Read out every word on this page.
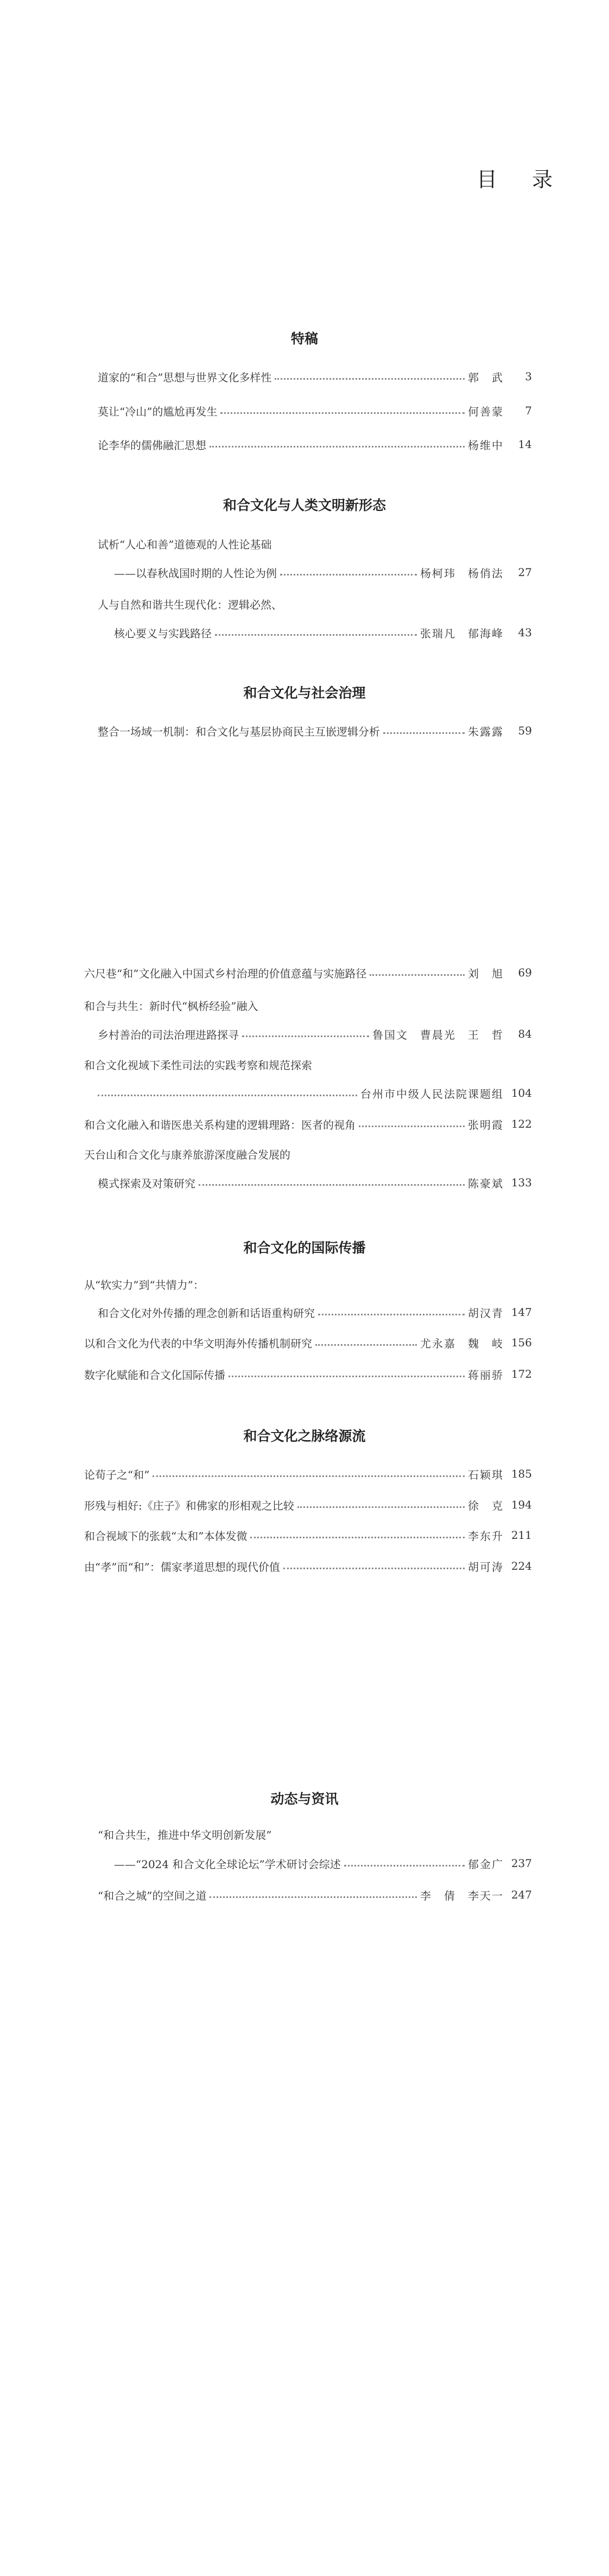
目 录
特稿
道家的“和合”思想与世界文化多样性	郭　武	3
莫让“冷山”的尴尬再发生	何善蒙	7
论李华的儒佛融汇思想	杨维中	14
和合文化与人类文明新形态
试析“人心和善”道德观的人性论基础
——以春秋战国时期的人性论为例	杨柯玮　杨俏法	27
人与自然和谐共生现代化：逻辑必然、
核心要义与实践路径	张瑞凡　郁海峰	43
和合文化与社会治理
整合一场域一机制：和合文化与基层协商民主互嵌逻辑分析	朱露露	59
六尺巷“和”文化融入中国式乡村治理的价值意蕴与实施路径	刘　旭	69
和合与共生：新时代“枫桥经验”融入
乡村善治的司法治理进路探寻	鲁国文　曹晨光　王　哲	84
和合文化视域下柔性司法的实践考察和规范探索
台州市中级人民法院课题组 104
和合文化融入和谐医患关系构建的逻辑理路：医者的视角	张明霞 122
天台山和合文化与康养旅游深度融合发展的
模式探索及对策研究	陈豪斌 133
和合文化的国际传播
从“软实力”到“共情力”：
和合文化对外传播的理念创新和话语重构研究	胡汉青 147
以和合文化为代表的中华文明海外传播机制研究	尤永嘉　魏　岐 156
数字化赋能和合文化国际传播	蒋丽骄 172
和合文化之脉络源流
论荀子之“和”	石颖琪 185
形残与相好:《庄子》和佛家的形相观之比较	徐　克 194
和合视域下的张载“太和”本体发微	李东升 211
由“孝”而“和”：儒家孝道思想的现代价值	胡可涛 224
动态与资讯
“和合共生，推进中华文明创新发展”
——“2024 和合文化全球论坛”学术研讨会综述	郁金广 237
“和合之城”的空间之道	李　倩　李天一 247
